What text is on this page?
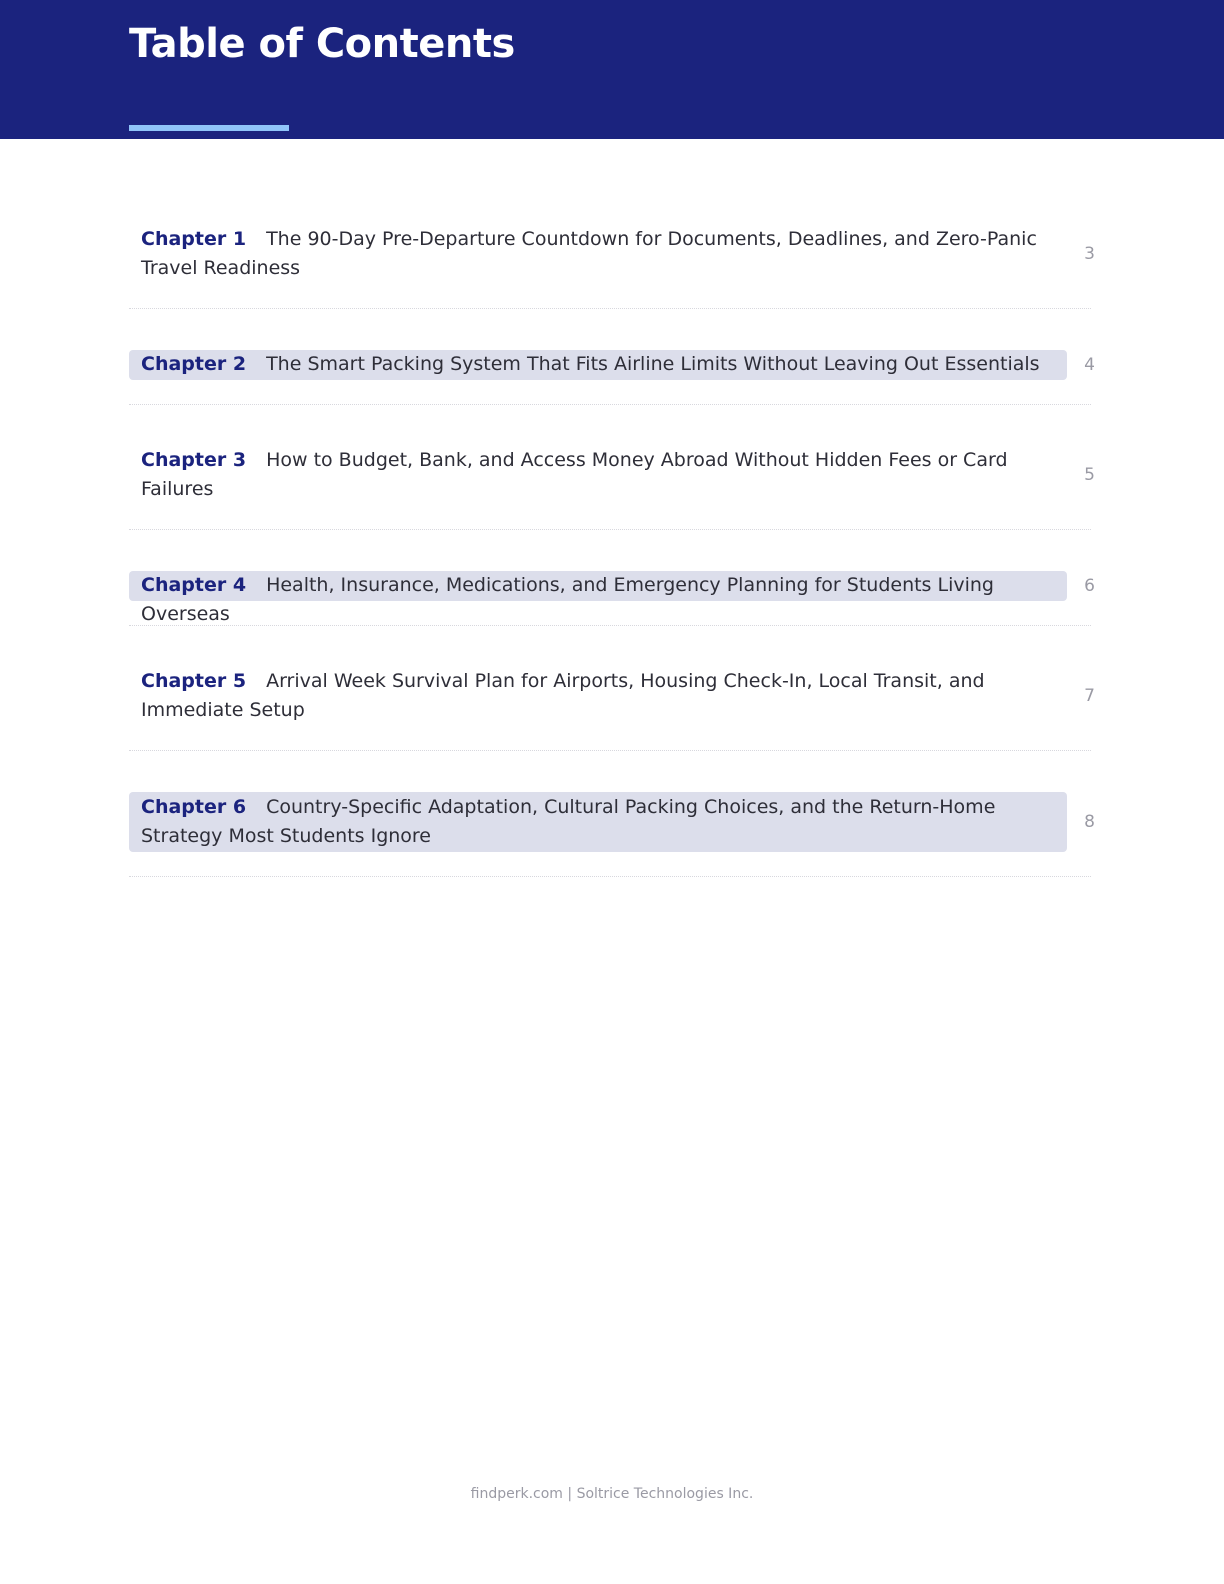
Table of Contents
Chapter 1 The 90-Day Pre-Departure Countdown for Documents, Deadlines, and Zero-Panic Travel Readiness
3
Chapter 2 The Smart Packing System That Fits Airline Limits Without Leaving Out Essentials	4
Chapter 3 How to Budget, Bank, and Access Money Abroad Without Hidden Fees or Card Failures
5
Chapter 4 Health, Insurance, Medications, and Emergency Planning for Students Living Overseas
6
Chapter 5 Arrival Week Survival Plan for Airports, Housing Check-In, Local Transit, and Immediate Setup
7
Chapter 6 Country-Specific Adaptation, Cultural Packing Choices, and the Return-Home Strategy Most Students Ignore
8
findperk.com | Soltrice Technologies Inc.
